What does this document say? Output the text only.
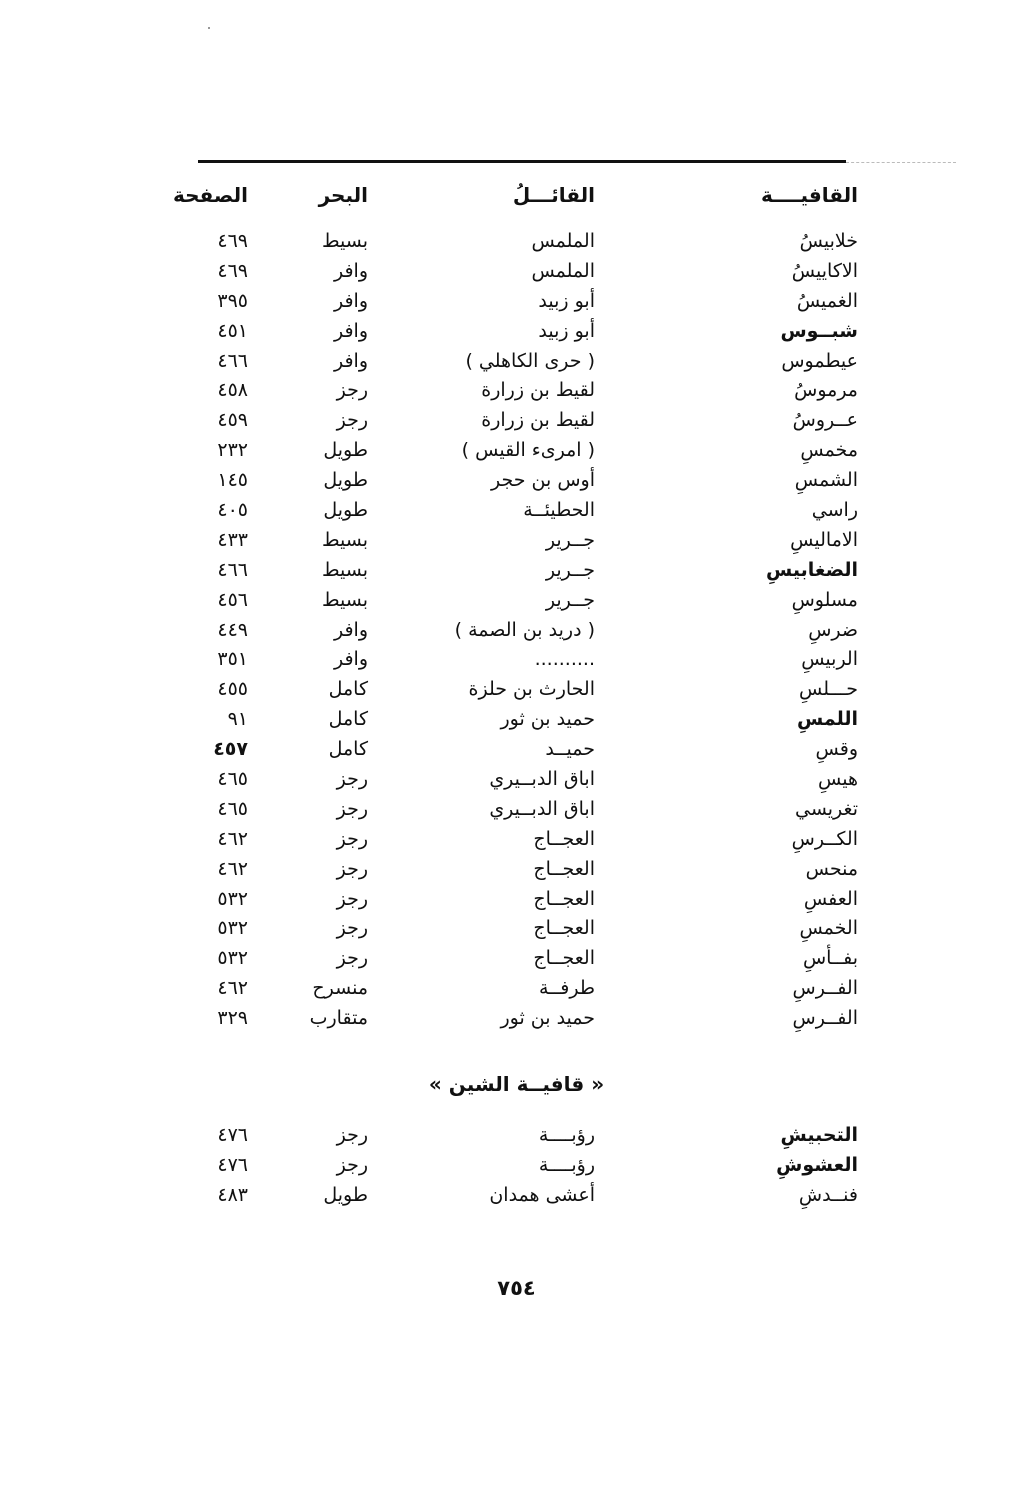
القافيــــة
القائـــلُ
البحر
الصفحة
خلابيسُ
الملمس
بسيط
٤٦٩
الاكاييسُ
الملمس
وافر
٤٦٩
الغميسُ
أبو زبيد
وافر
٣٩٥
شبــوس
أبو زبيد
وافر
٤٥١
عيطموس
( حرى الكاهلي )
وافر
٤٦٦
مرموسُ
لقيط بن زرارة
رجز
٤٥٨
عــروسُ
لقيط بن زرارة
رجز
٤٥٩
مخمسِ
( امرىء القيس )
طويل
٢٣٢
الشمسِ
أوس بن حجر
طويل
١٤٥
راسي
الحطيئــة
طويل
٤٠٥
الاماليسِ
جــرير
بسيط
٤٣٣
الضغابيسِ
جــرير
بسيط
٤٦٦
مسلوسِ
جــرير
بسيط
٤٥٦
ضرسِ
( دريد بن الصمة )
وافر
٤٤٩
الربيسِ
..........
وافر
٣٥١
حـــلسِ
الحارث بن حلزة
كامل
٤٥٥
اللمسِ
حميد بن ثور
كامل
٩١
وقسِ
حميــد
كامل
٤٥٧
هيسِ
اباق الدبــيري
رجز
٤٦٥
تغريسي
اباق الدبــيري
رجز
٤٦٥
الكــرسِ
العجــاج
رجز
٤٦٢
منحس
العجــاج
رجز
٤٦٢
العفسِ
العجــاج
رجز
٥٣٢
الخمسِ
العجــاج
رجز
٥٣٢
بفــأسِ
العجــاج
رجز
٥٣٢
الفــرسِ
طرفــة
منسرح
٤٦٢
الفــرسِ
حميد بن ثور
متقارب
٣٢٩
« قافيــة الشين »
التحبيشِ
رؤبــــة
رجز
٤٧٦
العشوشِ
رؤبــــة
رجز
٤٧٦
فنــدشِ
أعشى همدان
طويل
٤٨٣
٧٥٤
